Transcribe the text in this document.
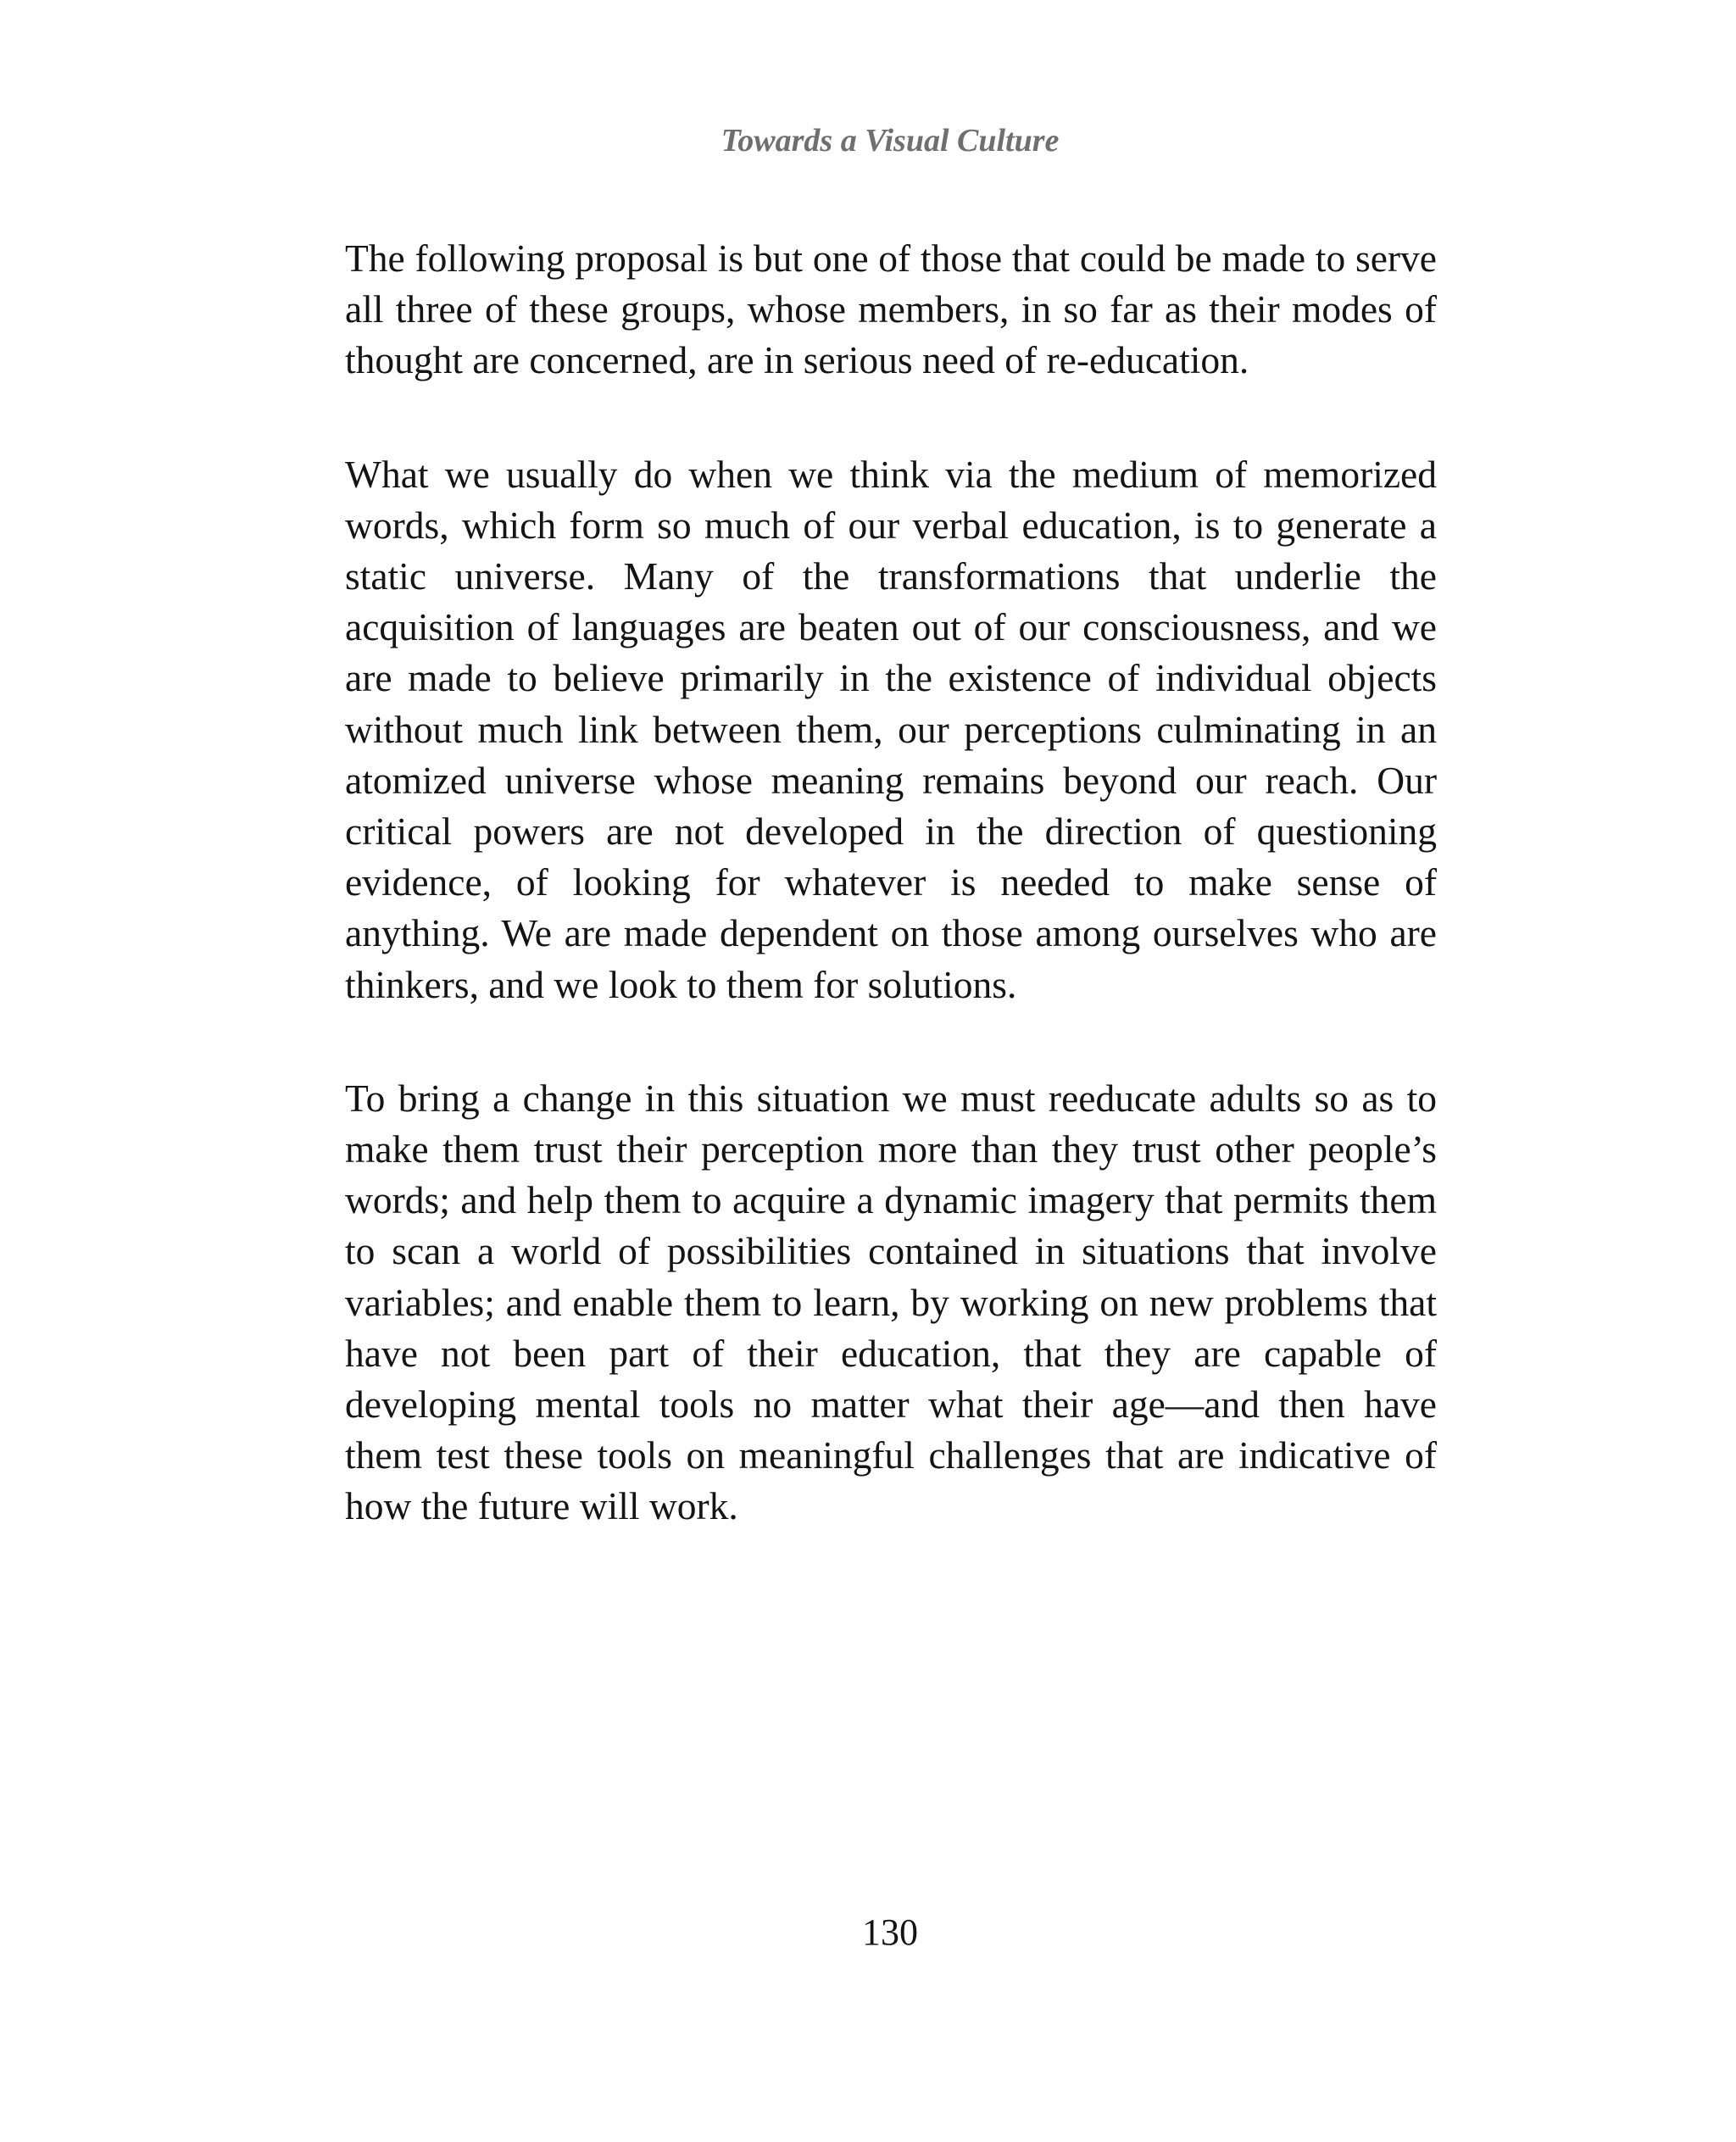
Towards a Visual Culture

The following proposal is but one of those that could be made to serve all three of these groups, whose members, in so far as their modes of thought are concerned, are in serious need of re-education.

What we usually do when we think via the medium of memorized words, which form so much of our verbal education, is to generate a static universe. Many of the transformations that underlie the acquisition of languages are beaten out of our consciousness, and we are made to believe primarily in the existence of individual objects without much link between them, our perceptions culminating in an atomized universe whose meaning remains beyond our reach. Our critical powers are not developed in the direction of questioning evidence, of looking for whatever is needed to make sense of anything. We are made dependent on those among ourselves who are thinkers, and we look to them for solutions.

To bring a change in this situation we must reeducate adults so as to make them trust their perception more than they trust other people’s words; and help them to acquire a dynamic imagery that permits them to scan a world of possibilities contained in situations that involve variables; and enable them to learn, by working on new problems that have not been part of their education, that they are capable of developing mental tools no matter what their age—and then have them test these tools on meaningful challenges that are indicative of how the future will work.

130
